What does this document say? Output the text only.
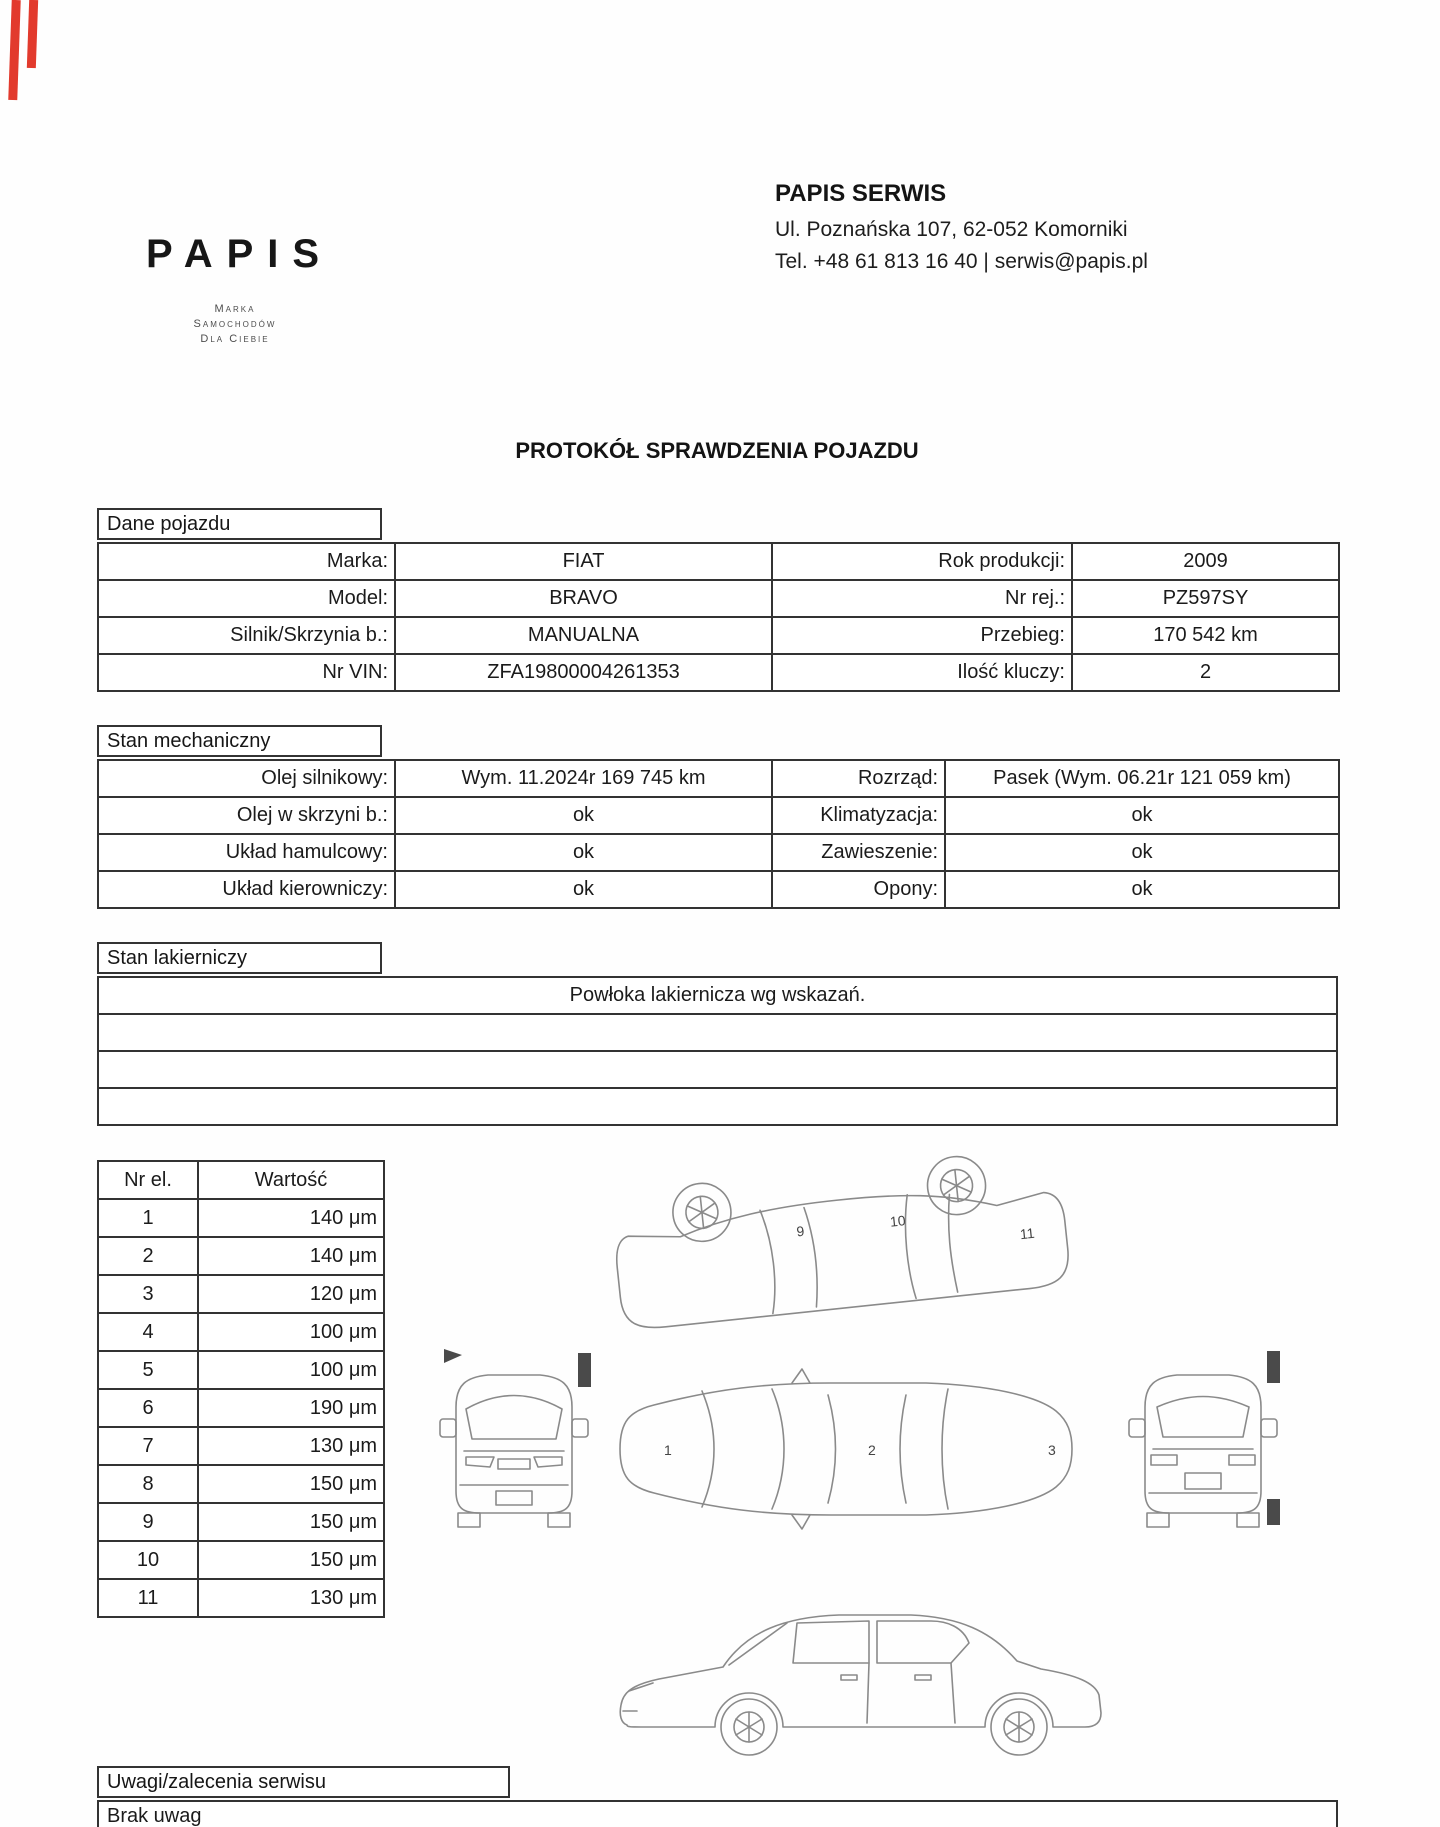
PAPIS
Marka
Samochodów
Dla Ciebie
PAPIS SERWIS
Ul. Poznańska 107, 62-052 Komorniki
Tel. +48 61 813 16 40 | serwis@papis.pl
PROTOKÓŁ SPRAWDZENIA POJAZDU
Dane pojazdu
Marka:	FIAT	Rok produkcji:	2009
Model:	BRAVO	Nr rej.:	PZ597SY
Silnik/Skrzynia b.:	MANUALNA	Przebieg:	170 542 km
Nr VIN:	ZFA19800004261353	Ilość kluczy:	2
Stan mechaniczny
Olej silnikowy:	Wym. 11.2024r 169 745 km	Rozrząd:	Pasek (Wym. 06.21r 121 059 km)
Olej w skrzyni b.:	ok	Klimatyzacja:	ok
Układ hamulcowy:	ok	Zawieszenie:	ok
Układ kierowniczy:	ok	Opony:	ok
Stan lakierniczy
Powłoka lakiernicza wg wskazań.

Nr el.	Wartość
1	140 μm
2	140 μm
3	120 μm
4	100 μm
5	100 μm
6	190 μm
7	130 μm
8	150 μm
9	150 μm
10	150 μm
11	130 μm
9
10
11
1	2	3
Uwagi/zalecenia serwisu
Brak uwag
